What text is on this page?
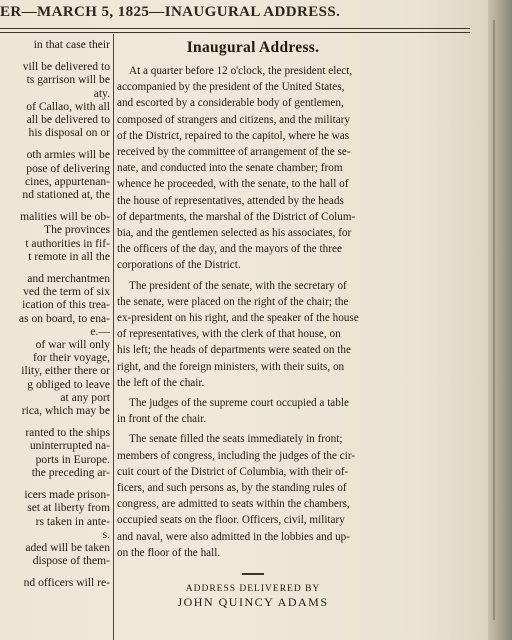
ER—MARCH 5, 1825—INAUGURAL ADDRESS.
in that case their
vill be delivered to
ts garrison will be
aty.
of Callao, with all
all be delivered to
his disposal on or
oth armies will be
pose of delivering
cines, appurtenan-
nd stationed at, the
malities will be ob-
The provinces
t authorities in fif-
t remote in all the
and merchantmen
ved the term of six
ication of this trea-
as on board, to ena-
e.—
of war will only
for their voyage,
ility, either there or
g obliged to leave
at any port
rica, which may be
ranted to the ships
uninterrupted na-
ports in Europe.
the preceding ar-
icers made prison-
set at liberty from
rs taken in ante-
s.
aded will be taken
dispose of them-
nd officers will re-
Inaugural Address.
At a quarter before 12 o'clock, the president elect,
accompanied by the president of the United States,
and escorted by a considerable body of gentlemen,
composed of strangers and citizens, and the military
of the District, repaired to the capitol, where he was
received by the committee of arrangement of the se-
nate, and conducted into the senate chamber; from
whence he proceeded, with the senate, to the hall of
the house of representatives, attended by the heads
of departments, the marshal of the District of Colum-
bia, and the gentlemen selected as his associates, for
the officers of the day, and the mayors of the three
corporations of the District.
The president of the senate, with the secretary of
the senate, were placed on the right of the chair; the
ex-president on his right, and the speaker of the house
of representatives, with the clerk of that house, on
his left; the heads of departments were seated on the
right, and the foreign ministers, with their suits, on
the left of the chair.
The judges of the supreme court occupied a table
in front of the chair.
The senate filled the seats immediately in front;
members of congress, including the judges of the cir-
cuit court of the District of Columbia, with their of-
ficers, and such persons as, by the standing rules of
congress, are admitted to seats within the chambers,
occupied seats on the floor. Officers, civil, military
and naval, were also admitted in the lobbies and up-
on the floor of the hall.
ADDRESS DELIVERED BY
JOHN QUINCY ADAMS
